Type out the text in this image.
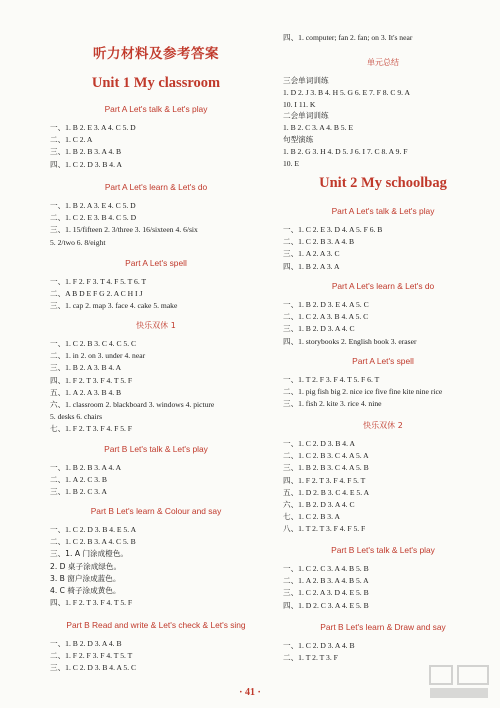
听力材料及参考答案
Unit 1 My classroom
Part A Let's talk & Let's play
一、1. B 2. E 3. A 4. C 5. D
二、1. C 2. A
三、1. B 2. B 3. A 4. B
四、1. C 2. D 3. B 4. A
Part A Let's learn & Let's do
一、1. B 2. A 3. E 4. C 5. D
二、1. C 2. E 3. B 4. C 5. D
三、1. 15/fifteen 2. 3/three 3. 16/sixteen 4. 6/six
5. 2/two 6. 8/eight
Part A Let's spell
一、1. F 2. F 3. T 4. F 5. T 6. T
二、A B D E F G 2. A C H I J
三、1. cap 2. map 3. face 4. cake 5. make
快乐双休 1
一、1. C 2. B 3. C 4. C 5. C
二、1. in 2. on 3. under 4. near
三、1. B 2. A 3. B 4. A
四、1. F 2. T 3. F 4. T 5. F
五、1. A 2. A 3. B 4. B
六、1. classroom 2. blackboard 3. windows 4. picture
5. desks 6. chairs
七、1. F 2. T 3. F 4. F 5. F
Part B Let's talk & Let's play
一、1. B 2. B 3. A 4. A
二、1. A 2. C 3. B
三、1. B 2. C 3. A
Part B Let's learn & Colour and say
一、1. C 2. D 3. B 4. E 5. A
二、1. C 2. B 3. A 4. C 5. B
三、1. A 门涂成橙色。
2. D 桌子涂成绿色。
3. B 窗户涂成蓝色。
4. C 椅子涂成黄色。
四、1. F 2. T 3. F 4. T 5. F
Part B Read and write & Let's check & Let's sing
一、1. B 2. D 3. A 4. B
二、1. F 2. F 3. F 4. T 5. T
三、1. C 2. D 3. B 4. A 5. C
四、1. computer; fan 2. fan; on 3. It's near
单元总结
三会单词训练
1. D 2. J 3. B 4. H 5. G 6. E 7. F 8. C 9. A
10. I 11. K
二会单词训练
1. B 2. C 3. A 4. B 5. E
句型演练
1. B 2. G 3. H 4. D 5. J 6. I 7. C 8. A 9. F
10. E
Unit 2 My schoolbag
Part A Let's talk & Let's play
一、1. C 2. E 3. D 4. A 5. F 6. B
二、1. C 2. B 3. A 4. B
三、1. A 2. A 3. C
四、1. B 2. A 3. A
Part A Let's learn & Let's do
一、1. B 2. D 3. E 4. A 5. C
二、1. C 2. A 3. B 4. A 5. C
三、1. B 2. D 3. A 4. C
四、1. storybooks 2. English book 3. eraser
Part A Let's spell
一、1. T 2. F 3. F 4. T 5. F 6. T
二、1. pig fish big 2. nice ice five fine kite nine rice
三、1. fish 2. kite 3. rice 4. nine
快乐双休 2
一、1. C 2. D 3. B 4. A
二、1. C 2. B 3. C 4. A 5. A
三、1. B 2. B 3. C 4. A 5. B
四、1. F 2. T 3. F 4. F 5. T
五、1. D 2. B 3. C 4. E 5. A
六、1. B 2. D 3. A 4. C
七、1. C 2. B 3. A
八、1. T 2. T 3. F 4. F 5. F
Part B Let's talk & Let's play
一、1. C 2. C 3. A 4. B 5. B
二、1. A 2. B 3. A 4. B 5. A
三、1. C 2. A 3. D 4. E 5. B
四、1. D 2. C 3. A 4. E 5. B
Part B Let's learn & Draw and say
一、1. C 2. D 3. A 4. B
二、1. T 2. T 3. F
· 41 ·
